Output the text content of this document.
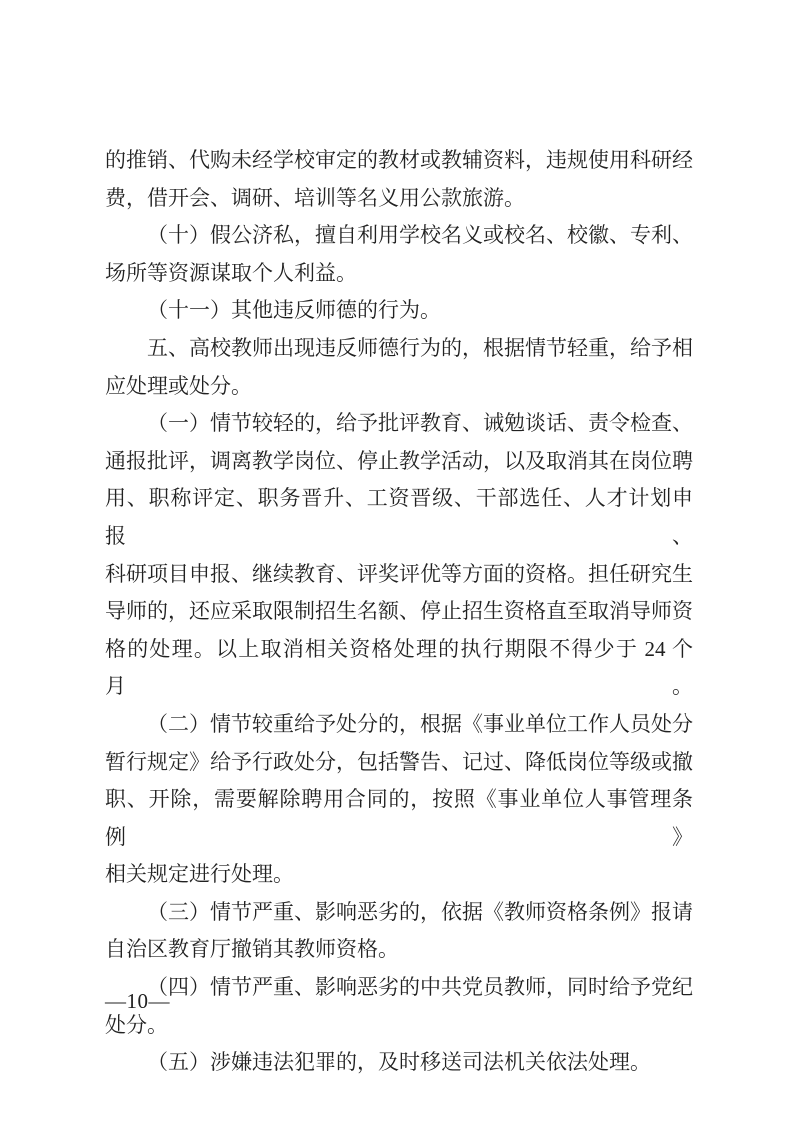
的推销、代购未经学校审定的教材或教辅资料，违规使用科研经
费，借开会、调研、培训等名义用公款旅游。
（十）假公济私，擅自利用学校名义或校名、校徽、专利、
场所等资源谋取个人利益。
（十一）其他违反师德的行为。
五、高校教师出现违反师德行为的，根据情节轻重，给予相
应处理或处分。
（一）情节较轻的，给予批评教育、诫勉谈话、责令检查、
通报批评，调离教学岗位、停止教学活动，以及取消其在岗位聘
用、职称评定、职务晋升、工资晋级、干部选任、人才计划申报、
科研项目申报、继续教育、评奖评优等方面的资格。担任研究生
导师的，还应采取限制招生名额、停止招生资格直至取消导师资
格的处理。以上取消相关资格处理的执行期限不得少于 24 个月。
（二）情节较重给予处分的，根据《事业单位工作人员处分
暂行规定》给予行政处分，包括警告、记过、降低岗位等级或撤
职、开除，需要解除聘用合同的，按照《事业单位人事管理条例》
相关规定进行处理。
（三）情节严重、影响恶劣的，依据《教师资格条例》报请
自治区教育厅撤销其教师资格。
（四）情节严重、影响恶劣的中共党员教师，同时给予党纪
处分。
（五）涉嫌违法犯罪的，及时移送司法机关依法处理。
—10—
